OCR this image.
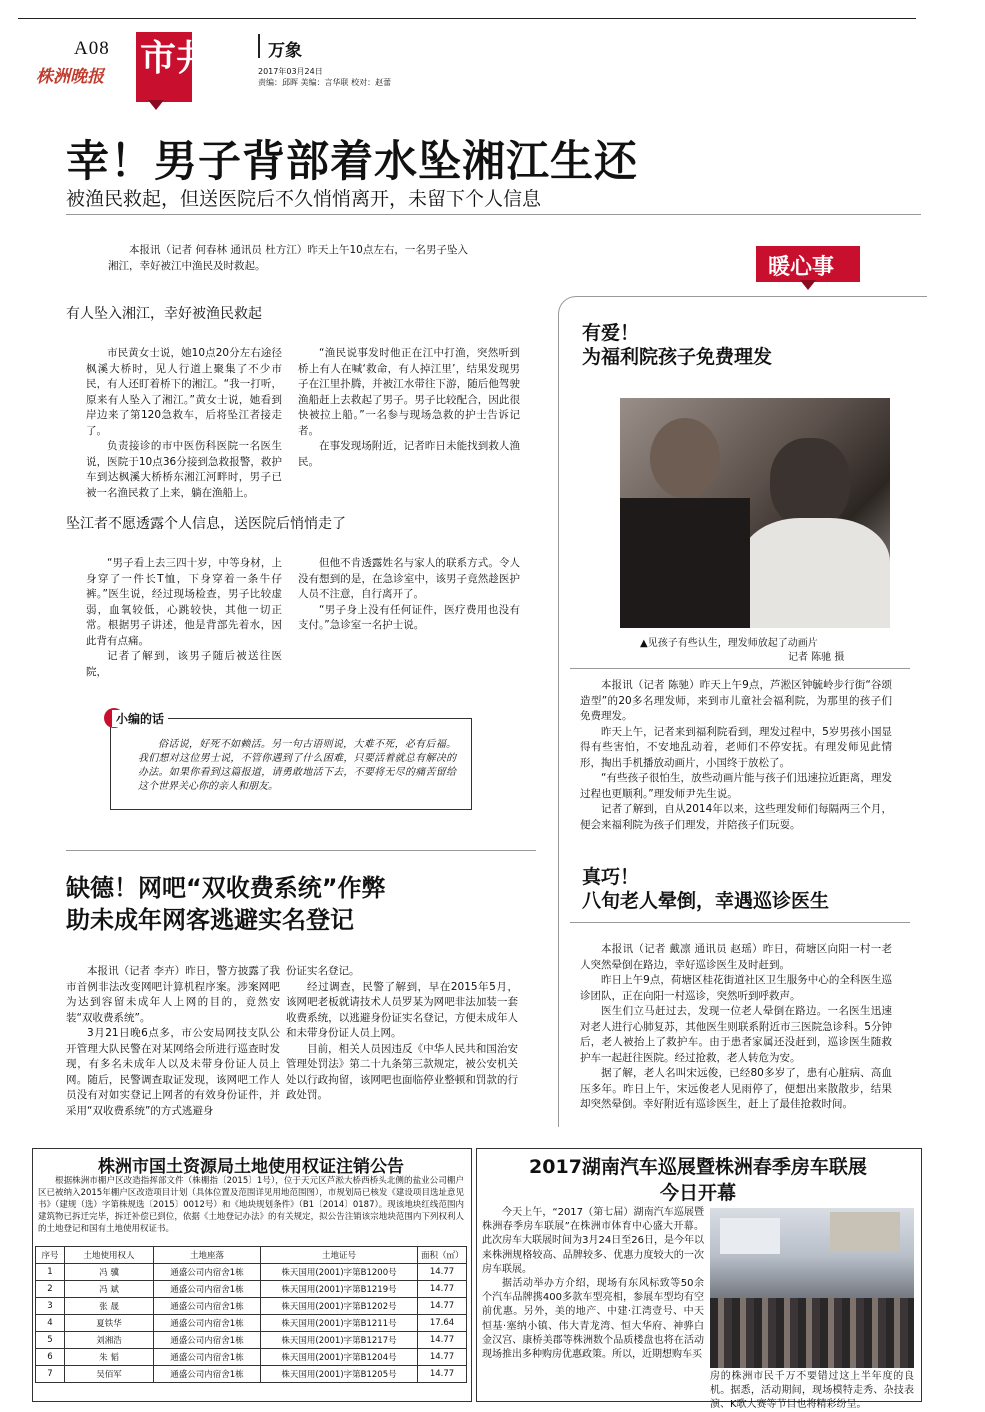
A08
株洲晚报 市井	万象
2017年03月24日
责编：邱晖 美编：言华联 校对：赵蕾
幸！男子背部着水坠湘江生还
被渔民救起，但送医院后不久悄悄离开，未留下个人信息

本报讯（记者 何春林 通讯员 杜方江）昨天上午10点左右，一名男子坠入湘江，幸好被江中渔民及时救起。

有人坠入湘江，幸好被渔民救起

市民黄女士说，她10点20分左右途径枫溪大桥时，见人行道上聚集了不少市民，有人还盯着桥下的湘江。“我一打听，原来有人坠入了湘江。”黄女士说，她看到岸边来了第120急救车，后将坠江者接走了。

负责接诊的市中医伤科医院一名医生说，医院于10点36分接到急救报警，救护车到达枫溪大桥桥东湘江河畔时，男子已被一名渔民救了上来，躺在渔船上。

“渔民说事发时他正在江中打渔，突然听到桥上有人在喊‘救命，有人掉江里’，结果发现男子在江里扑腾，并被江水带往下游，随后他驾驶渔船赶上去救起了男子。男子比较配合，因此很快被拉上船。”一名参与现场急救的护士告诉记者。

在事发现场附近，记者昨日未能找到救人渔民。

坠江者不愿透露个人信息，送医院后悄悄走了

“男子看上去三四十岁，中等身材，上身穿了一件长T恤，下身穿着一条牛仔裤。”医生说，经过现场检查，男子比较虚弱，血氧较低，心跳较快，其他一切正常。根据男子讲述，他是背部先着水，因此背有点痛。

记者了解到，该男子随后被送往医院，

但他不肯透露姓名与家人的联系方式。令人没有想到的是，在急诊室中，该男子竟然趁医护人员不注意，自行离开了。

“男子身上没有任何证件，医疗费用也没有支付。”急诊室一名护士说。

小编的话

俗话说，好死不如赖活。另一句古语则说，大难不死，必有后福。我们想对这位男士说，不管你遇到了什么困难，只要活着就总有解决的办法。如果你看到这篇报道，请勇敢地活下去，不要将无尽的痛苦留给这个世界关心你的亲人和朋友。

暖心事
有爱！
为福利院孩子免费理发
▲见孩子有些认生，理发师放起了动画片
记者 陈驰 摄

本报讯（记者 陈驰）昨天上午9点，芦淞区钟毓岭步行街“谷颂造型”的20多名理发师，来到市儿童社会福利院，为那里的孩子们免费理发。

昨天上午，记者来到福利院看到，理发过程中，5岁男孩小国显得有些害怕，不安地乱动着，老师们不停安抚。有理发师见此情形，掏出手机播放动画片，小国终于放松了。

“有些孩子很怕生，放些动画片能与孩子们迅速拉近距离，理发过程也更顺利。”理发师尹先生说。

记者了解到，自从2014年以来，这些理发师们每隔两三个月，便会来福利院为孩子们理发，并陪孩子们玩耍。

真巧！
八旬老人晕倒，幸遇巡诊医生

本报讯（记者 戴凛 通讯员 赵瑶）昨日，荷塘区向阳一村一老人突然晕倒在路边，幸好巡诊医生及时赶到。

昨日上午9点，荷塘区桂花街道社区卫生服务中心的全科医生巡诊团队，正在向阳一村巡诊，突然听到呼救声。

医生们立马赶过去，发现一位老人晕倒在路边。一名医生迅速对老人进行心肺复苏，其他医生则联系附近市三医院急诊科。5分钟后，老人被抬上了救护车。由于患者家属还没赶到，巡诊医生随救护车一起赶往医院。经过抢救，老人转危为安。

据了解，老人名叫宋远俊，已经80多岁了，患有心脏病、高血压多年。昨日上午，宋远俊老人见雨停了，便想出来散散步，结果却突然晕倒。幸好附近有巡诊医生，赶上了最佳抢救时间。

缺德！网吧“双收费系统”作弊
助未成年网客逃避实名登记

本报讯（记者 李卉）昨日，警方披露了我市首例非法改变网吧计算机程序案。涉案网吧为达到容留未成年人上网的目的，竟然安装“双收费系统”。

3月21日晚6点多，市公安局网技支队公开管理大队民警在对某网络会所进行巡查时发现，有多名未成年人以及未带身份证人员上网。随后，民警调查取证发现，该网吧工作人员没有对如实登记上网者的有效身份证件，并采用“双收费系统”的方式逃避身

份证实名登记。

经过调查，民警了解到，早在2015年5月，该网吧老板就请技术人员罗某为网吧非法加装一套收费系统，以逃避身份证实名登记，方便未成年人和未带身份证人员上网。

目前，相关人员因违反《中华人民共和国治安管理处罚法》第二十九条第三款规定，被公安机关处以行政拘留，该网吧也面临停业整顿和罚款的行政处罚。

株洲市国土资源局土地使用权证注销公告

根据株洲市棚户区改造指挥部文件（株棚指〔2015〕1号），位于天元区芦淞大桥西桥头北侧的盐业公司棚户区已被纳入2015年棚户区改造项目计划（具体位置及范围详见用地范围图），市规划局已核发《建设项目选址意见书》（建规（选）字第株规选〔2015〕0012号）和《地块规划条件》（B1〔2014〕0187）。现该地块红线范围内建筑物已拆迁完毕，拆迁补偿已到位，依据《土地登记办法》的有关规定，拟公告注销该宗地块范围内下列权利人的土地登记和国有土地使用权证书。

序号	土地使用权人	土地座落	土地证号	面积（㎡）
1	冯 骥	通盛公司内宿舍1栋	株天国用(2001)字第B1200号	14.77
2	冯 斌	通盛公司内宿舍1栋	株天国用(2001)字第B1219号	14.77
3	张 晟	通盛公司内宿舍1栋	株天国用(2001)字第B1202号	14.77
4	夏铁华	通盛公司内宿舍1栋	株天国用(2001)字第B1211号	17.64
5	刘湘浩	通盛公司内宿舍1栋	株天国用(2001)字第B1217号	14.77
6	朱 韬	通盛公司内宿舍1栋	株天国用(2001)字第B1204号	14.77
7	吴佰军	通盛公司内宿舍1栋	株天国用(2001)字第B1205号	14.77
2017湖南汽车巡展暨株洲春季房车联展
今日开幕

今天上午，“2017（第七届）湖南汽车巡展暨株洲春季房车联展”在株洲市体育中心盛大开幕。此次房车大联展时间为3月24日至26日，是今年以来株洲规格较高、品牌较多、优惠力度较大的一次房车联展。

据活动举办方介绍，现场有东风标致等50余个汽车品牌携400多款车型亮相，参展车型均有空前优惠。另外，美的地产、中建·江湾壹号、中天恒基·塞纳小镇、伟大青龙湾、恒大华府、神骅白金汉宫、康桥美郡等株洲数个品质楼盘也将在活动现场推出多种购房优惠政策。所以，近期想购车买

房的株洲市民千万不要错过这上半年度的良机。据悉，活动期间，现场模特走秀、杂技表演、K歌大赛等节目也将精彩纷呈。
